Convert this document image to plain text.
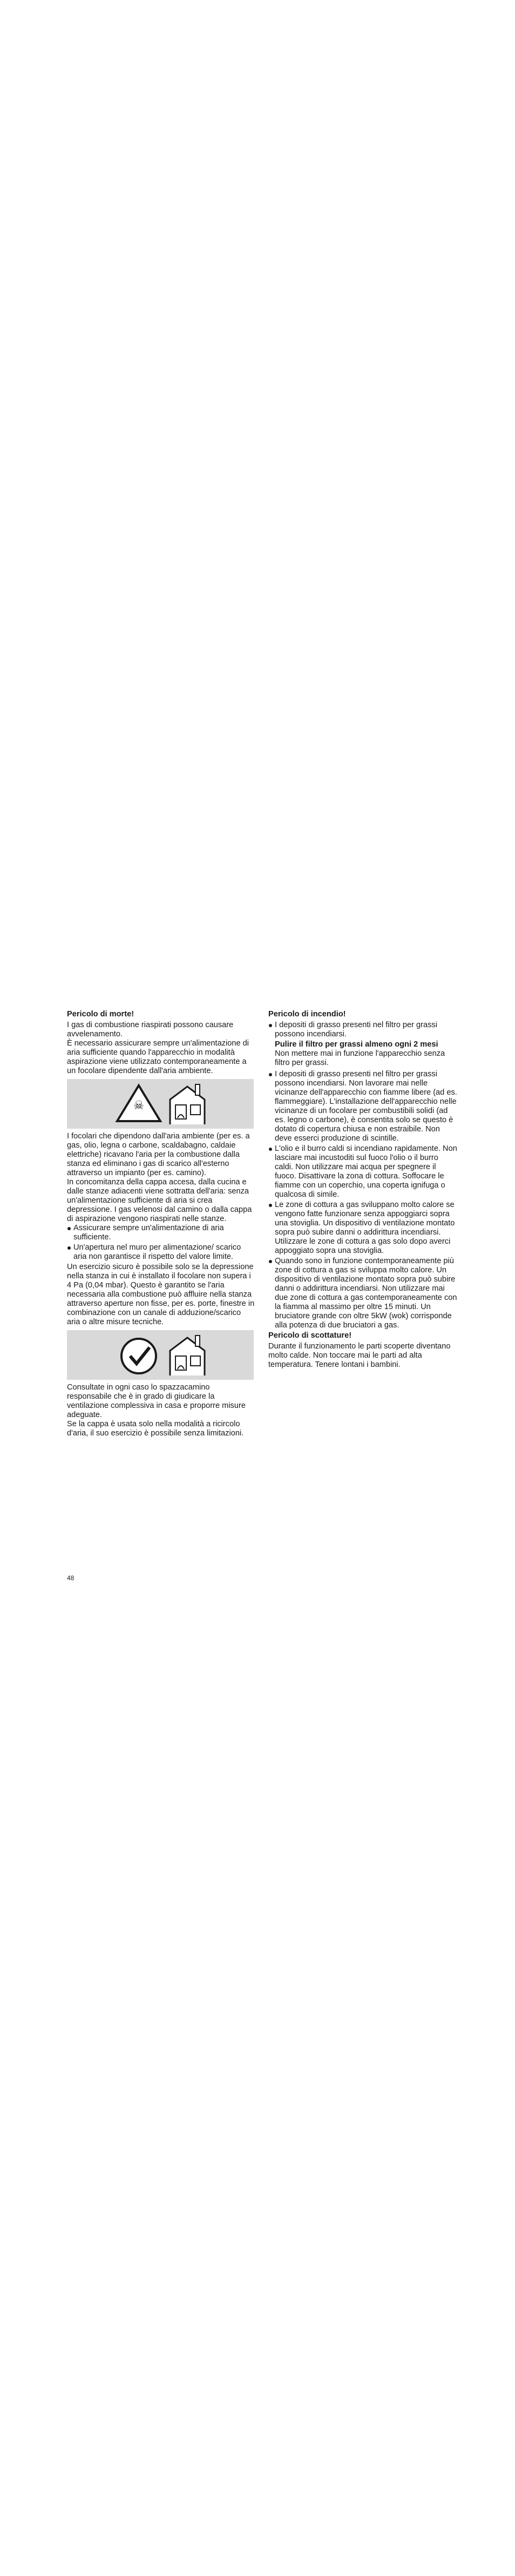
Pericolo di morte!
I gas di combustione riaspirati possono causare avvelenamento.
È necessario assicurare sempre un'alimentazione di aria sufficiente quando l'apparecchio in modalità aspirazione viene utilizzato contemporaneamente a un focolare dipendente dall'aria ambiente.
☠
I focolari che dipendono dall'aria ambiente (per es. a gas, olio, legna o carbone, scaldabagno, caldaie elettriche) ricavano l'aria per la combustione dalla stanza ed eliminano i gas di scarico all'esterno attraverso un impianto (per es. camino).
In concomitanza della cappa accesa, dalla cucina e dalle stanze adiacenti viene sottratta dell'aria: senza un'alimentazione sufficiente di aria si crea depressione. I gas velenosi dal camino o dalla cappa di aspirazione vengono riaspirati nelle stanze.
Assicurare sempre un'alimentazione di aria sufficiente.
Un'apertura nel muro per alimentazione/ scarico aria non garantisce il rispetto del valore limite.
Un esercizio sicuro è possibile solo se la depressione nella stanza in cui è installato il focolare non supera i 4 Pa (0,04 mbar). Questo è garantito se l'aria necessaria alla combustione può affluire nella stanza attraverso aperture non fisse, per es. porte, finestre in combinazione con un canale di adduzione/scarico aria o altre misure tecniche.
Consultate in ogni caso lo spazzacamino responsabile che è in grado di giudicare la ventilazione complessiva in casa e proporre misure adeguate.
Se la cappa è usata solo nella modalità a ricircolo d'aria, il suo esercizio è possibile senza limitazioni.
Pericolo di incendio!
I depositi di grasso presenti nel filtro per grassi possono incendiarsi.
Pulire il filtro per grassi almeno ogni 2 mesi
Non mettere mai in funzione l'apparecchio senza filtro per grassi.
I depositi di grasso presenti nel filtro per grassi possono incendiarsi. Non lavorare mai nelle vicinanze dell'apparecchio con fiamme libere (ad es. flammeggiare). L'installazione dell'apparecchio nelle vicinanze di un focolare per combustibili solidi (ad es. legno o carbone), è consentita solo se questo è dotato di copertura chiusa e non estraibile. Non deve esserci produzione di scintille.
L'olio e il burro caldi si incendiano rapidamente. Non lasciare mai incustoditi sul fuoco l'olio o il burro caldi. Non utilizzare mai acqua per spegnere il fuoco. Disattivare la zona di cottura. Soffocare le fiamme con un coperchio, una coperta ignifuga o qualcosa di simile.
Le zone di cottura a gas sviluppano molto calore se vengono fatte funzionare senza appoggiarci sopra una stoviglia. Un dispositivo di ventilazione montato sopra può subire danni o addirittura incendiarsi. Utilizzare le zone di cottura a gas solo dopo averci appoggiato sopra una stoviglia.
Quando sono in funzione contemporaneamente più zone di cottura a gas si sviluppa molto calore. Un dispositivo di ventilazione montato sopra può subire danni o addirittura incendiarsi. Non utilizzare mai due zone di cottura a gas contemporaneamente con la fiamma al massimo per oltre 15 minuti. Un bruciatore grande con oltre 5kW (wok) corrisponde alla potenza di due bruciatori a gas.
Pericolo di scottature!
Durante il funzionamento le parti scoperte diventano molto calde. Non toccare mai le parti ad alta temperatura. Tenere lontani i bambini.
48
